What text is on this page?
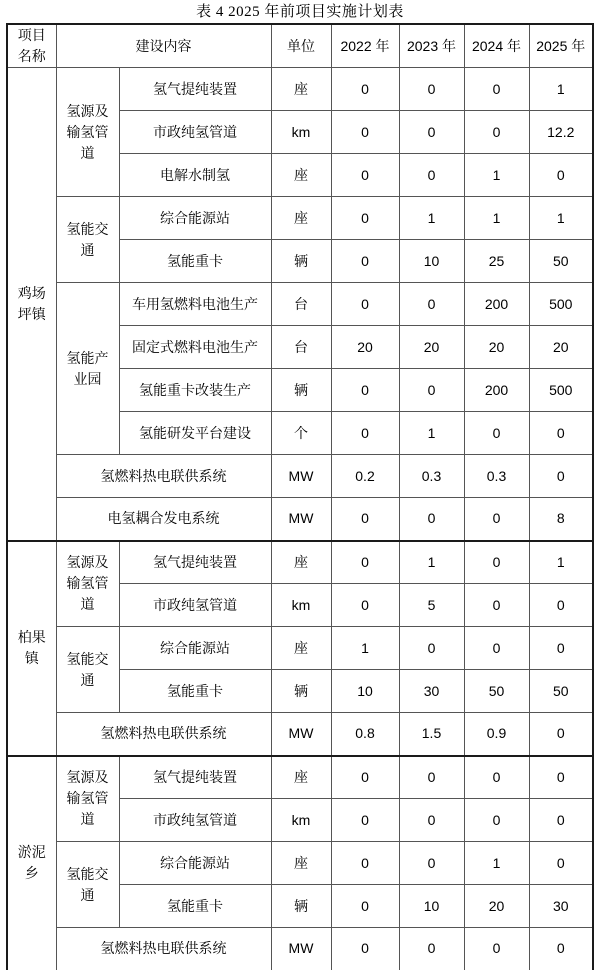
表 4 2025 年前项目实施计划表
项目名称	建设内容		单位	2022 年	2023 年	2024 年	2025 年
鸡场坪镇	氢源及输氢管道	氢气提纯装置	座	0	0	0	1
		市政纯氢管道	km	0	0	0	12.2
		电解水制氢	座	0	0	1	0
	氢能交通	综合能源站	座	0	1	1	1
		氢能重卡	辆	0	10	25	50
	氢能产业园	车用氢燃料电池生产	台	0	0	200	500
		固定式燃料电池生产	台	20	20	20	20
		氢能重卡改装生产	辆	0	0	200	500
		氢能研发平台建设	个	0	1	0	0
	氢燃料热电联供系统		MW	0.2	0.3	0.3	0
	电氢耦合发电系统		MW	0	0	0	8
柏果镇	氢源及输氢管道	氢气提纯装置	座	0	1	0	1
		市政纯氢管道	km	0	5	0	0
	氢能交通	综合能源站	座	1	0	0	0
		氢能重卡	辆	10	30	50	50
	氢燃料热电联供系统		MW	0.8	1.5	0.9	0
淤泥乡	氢源及输氢管道	氢气提纯装置	座	0	0	0	0
		市政纯氢管道	km	0	0	0	0
	氢能交通	综合能源站	座	0	0	1	0
		氢能重卡	辆	0	10	20	30
	氢燃料热电联供系统		MW	0	0	0	0
